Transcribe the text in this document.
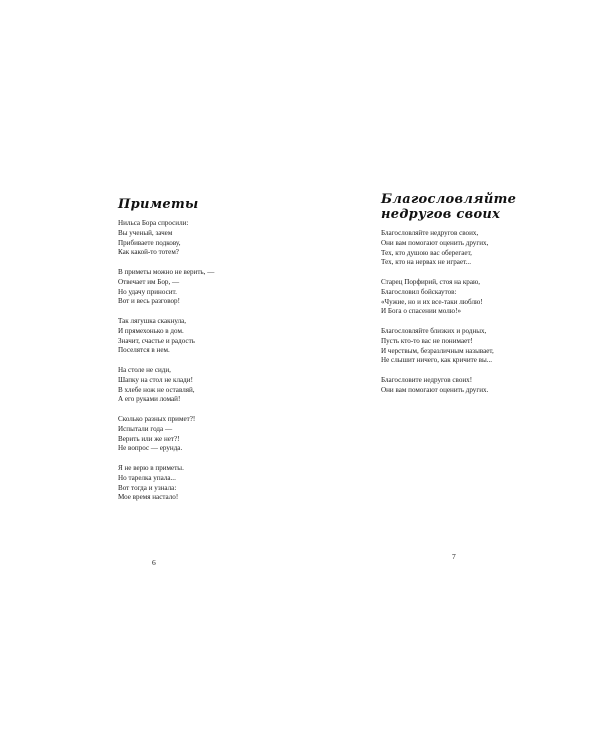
Приметы
Нильса Бора спросили:
Вы ученый, зачем
Прибиваете подкову,
Как какой-то тотем?
В приметы можно не верить, —
Отвечает им Бор, —
Но удачу приносит.
Вот и весь разговор!
Так лягушка скакнула,
И прямехонько в дом.
Значит, счастье и радость
Поселятся в нем.
На столе не сиди,
Шапку на стол не клади!
В хлебе нож не оставляй,
А его руками ломай!
Сколько разных примет?!
Испытали года —
Верить или же нет?!
Не вопрос — ерунда.
Я не верю в приметы.
Но тарелка упала...
Вот тогда и узнала:
Мое время настало!
6
Благословляйте
недругов своих
Благословляйте недругов своих,
Они вам помогают оценить других,
Тех, кто душою вас оберегает,
Тех, кто на нервах не играет...
Старец Порфирий, стоя на краю,
Благословил бойскаутов:
«Чужие, но и их все-таки люблю!
И Бога о спасении молю!»
Благословляйте близких и родных,
Пусть кто-то вас не понимает!
И черствым, безразличным называет,
Не слышит ничего, как кричите вы...
Благословите недругов своих!
Они вам помогают оценить других.
7
